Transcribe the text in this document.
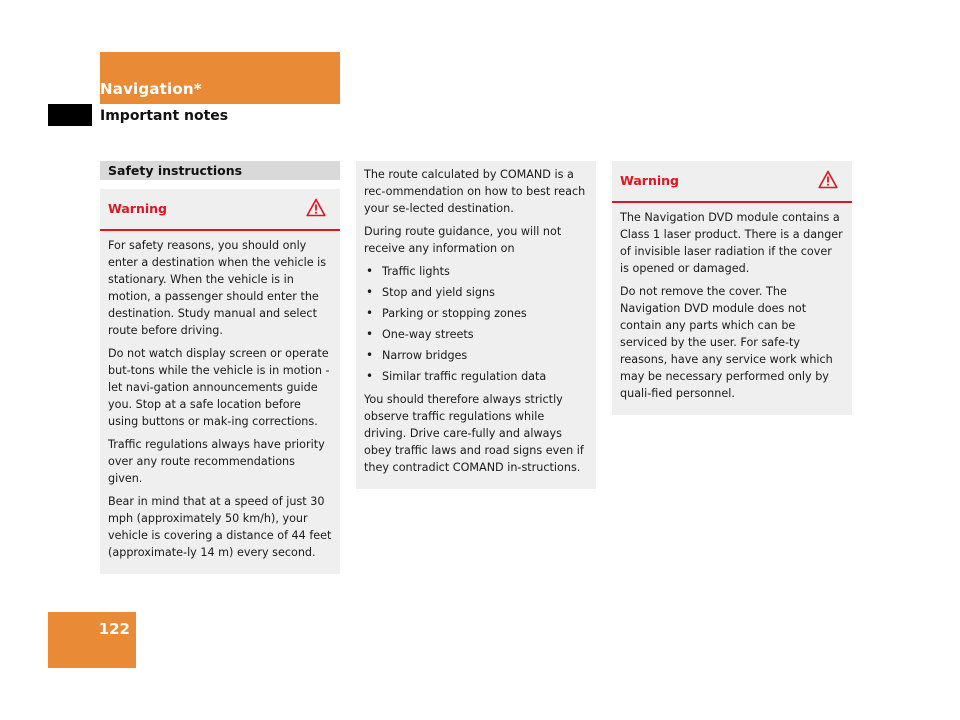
Navigation*
Important notes
Safety instructions
Warning

For safety reasons, you should only enter a destination when the vehicle is stationary. When the vehicle is in motion, a passenger should enter the destination. Study manual and select route before driving.

Do not watch display screen or operate but-tons while the vehicle is in motion - let navi-gation announcements guide you. Stop at a safe location before using buttons or mak-ing corrections.

Traffic regulations always have priority over any route recommendations given.

Bear in mind that at a speed of just 30 mph (approximately 50 km/h), your vehicle is covering a distance of 44 feet (approximate-ly 14 m) every second.

The route calculated by COMAND is a rec-ommendation on how to best reach your se-lected destination.

During route guidance, you will not receive any information on

• Traffic lights
• Stop and yield signs
• Parking or stopping zones
• One-way streets
• Narrow bridges
• Similar traffic regulation data

You should therefore always strictly observe traffic regulations while driving. Drive care-fully and always obey traffic laws and road signs even if they contradict COMAND in-structions.

Warning

The Navigation DVD module contains a Class 1 laser product. There is a danger of invisible laser radiation if the cover is opened or damaged.

Do not remove the cover. The Navigation DVD module does not contain any parts which can be serviced by the user. For safe-ty reasons, have any service work which may be necessary performed only by quali-fied personnel.

122
